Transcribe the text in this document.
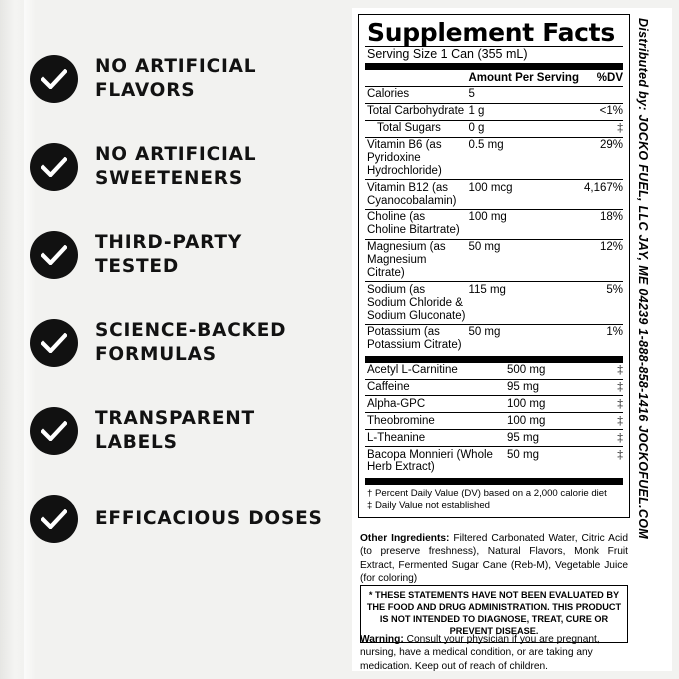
NO ARTIFICIAL FLAVORS
NO ARTIFICIAL SWEETENERS
THIRD-PARTY TESTED
SCIENCE-BACKED FORMULAS
TRANSPARENT LABELS
EFFICACIOUS DOSES
Supplement Facts
Serving Size 1 Can (355 mL)
	Amount Per Serving	%DV
Calories	5	
Total Carbohydrate	1 g	<1%
Total Sugars	0 g	‡
Vitamin B6 (as Pyridoxine Hydrochloride)	0.5 mg	29%
Vitamin B12 (as Cyanocobalamin)	100 mcg	4,167%
Choline (as Choline Bitartrate)	100 mg	18%
Magnesium (as Magnesium Citrate)	50 mg	12%
Sodium (as Sodium Chloride & Sodium Gluconate)	115 mg	5%
Potassium (as Potassium Citrate)	50 mg	1%
Acetyl L-Carnitine	500 mg	‡
Caffeine	95 mg	‡
Alpha-GPC	100 mg	‡
Theobromine	100 mg	‡
L-Theanine	95 mg	‡
Bacopa Monnieri (Whole Herb Extract)	50 mg	‡
† Percent Daily Value (DV) based on a 2,000 calorie diet
‡ Daily Value not established
Other Ingredients: Filtered Carbonated Water, Citric Acid (to preserve freshness), Natural Flavors, Monk Fruit Extract, Fermented Sugar Cane (Reb-M), Vegetable Juice (for coloring)
* THESE STATEMENTS HAVE NOT BEEN EVALUATED BY THE FOOD AND DRUG ADMINISTRATION. THIS PRODUCT IS NOT INTENDED TO DIAGNOSE, TREAT, CURE OR PREVENT DISEASE.
Warning: Consult your physician if you are pregnant, nursing, have a medical condition, or are taking any medication. Keep out of reach of children.
Distributed by: JOCKO FUEL, LLC JAY, ME 04239 1-888-858-1416 JOCKOFUEL.COM
